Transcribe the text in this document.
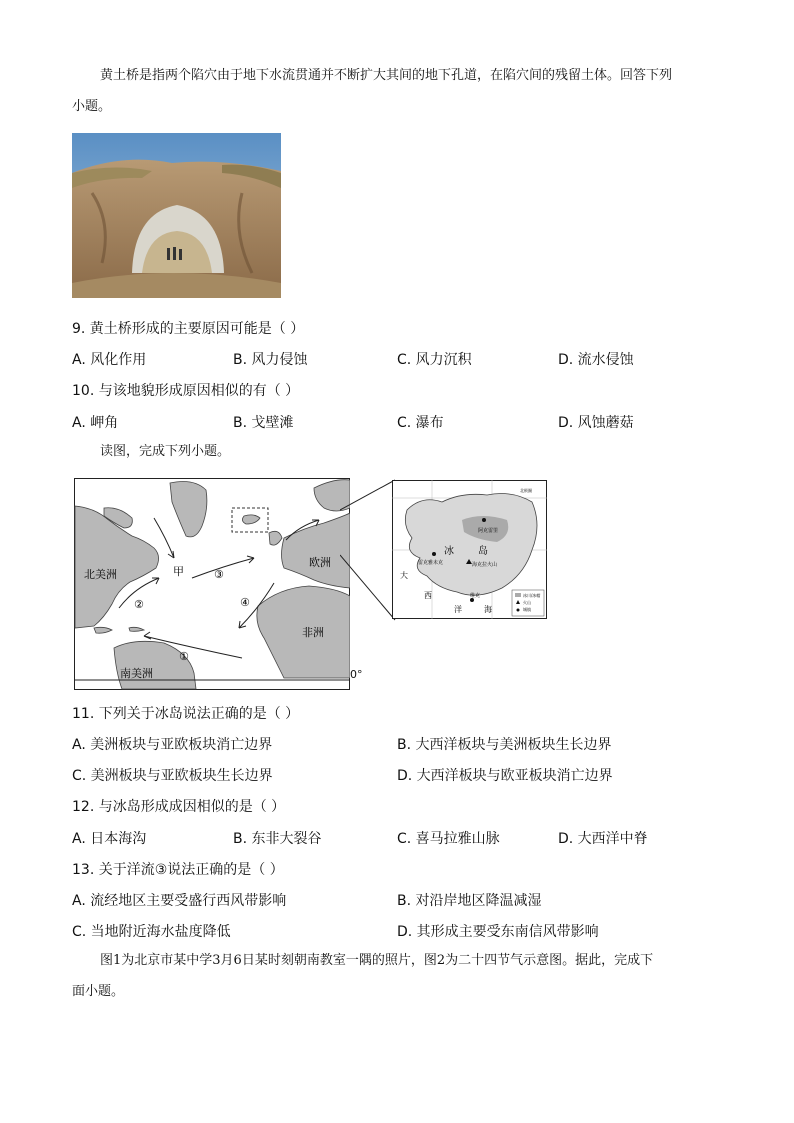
黄土桥是指两个陷穴由于地下水流贯通并不断扩大其间的地下孔道，在陷穴间的残留土体。回答下列
小题。
9. 黄土桥形成的主要原因可能是（ ）
A. 风化作用	B. 风力侵蚀	C. 风力沉积	D. 流水侵蚀
10. 与该地貌形成原因相似的有（ ）
A. 岬角	B. 戈壁滩	C. 瀑布	D. 风蚀蘑菇
读图，完成下列小题。
北美洲
欧洲
非洲
南美洲
甲
①
②
③
④
0°
阿克雷里
雷克雅未克	海克拉火山
维克
冰 岛
大
西
洋	海
北极圈
冰川/冰帽
火山
城镇
11. 下列关于冰岛说法正确的是（ ）
A. 美洲板块与亚欧板块消亡边界	B. 大西洋板块与美洲板块生长边界
C. 美洲板块与亚欧板块生长边界	D. 大西洋板块与欧亚板块消亡边界
12. 与冰岛形成成因相似的是（ ）
A. 日本海沟	B. 东非大裂谷	C. 喜马拉雅山脉	D. 大西洋中脊
13. 关于洋流③说法正确的是（ ）
A. 流经地区主要受盛行西风带影响	B. 对沿岸地区降温减湿
C. 当地附近海水盐度降低	D. 其形成主要受东南信风带影响
图1为北京市某中学3月6日某时刻朝南教室一隅的照片，图2为二十四节气示意图。据此，完成下
面小题。
